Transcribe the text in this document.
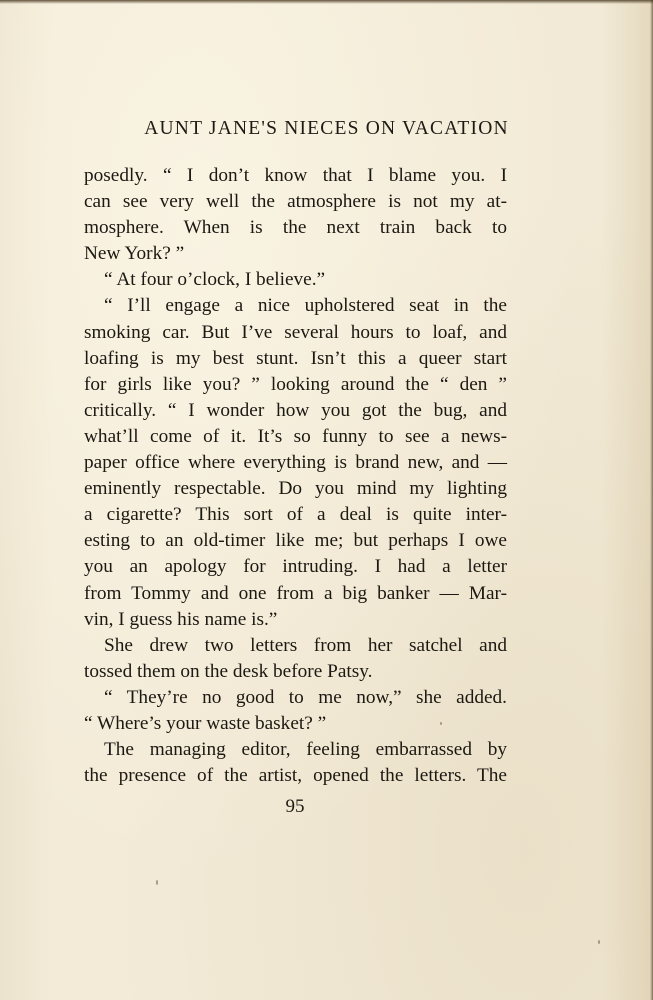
AUNT JANE'S NIECES ON VACATION
posedly. “ I don’t know that I blame you. I
can see very well the atmosphere is not my at-
mosphere. When is the next train back to
New York? ”
“ At four o’clock, I believe.”
“ I’ll engage a nice upholstered seat in the
smoking car. But I’ve several hours to loaf, and
loafing is my best stunt. Isn’t this a queer start
for girls like you? ” looking around the “ den ”
critically. “ I wonder how you got the bug, and
what’ll come of it. It’s so funny to see a news-
paper office where everything is brand new, and —
eminently respectable. Do you mind my lighting
a cigarette? This sort of a deal is quite inter-
esting to an old-timer like me; but perhaps I owe
you an apology for intruding. I had a letter
from Tommy and one from a big banker — Mar-
vin, I guess his name is.”
She drew two letters from her satchel and
tossed them on the desk before Patsy.
“ They’re no good to me now,” she added.
“ Where’s your waste basket? ”
The managing editor, feeling embarrassed by
the presence of the artist, opened the letters. The
95
